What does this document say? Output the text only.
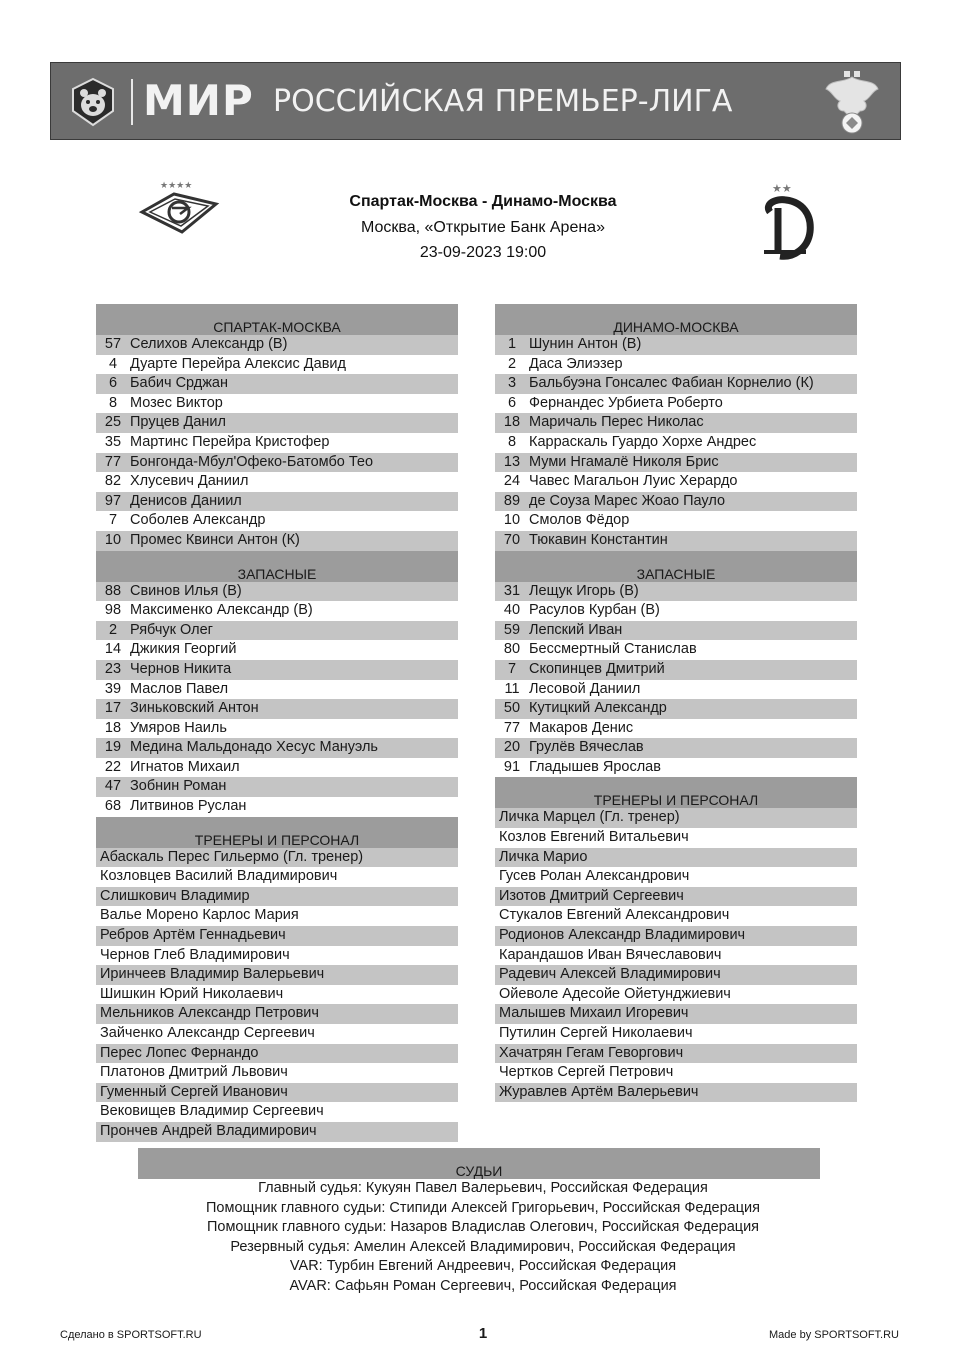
МИР РОССИЙСКАЯ ПРЕМЬЕР-ЛИГА
★★★★	★★
Спартак-Москва - Динамо-Москва
Москва, «Открытие Банк Арена»
23-09-2023 19:00
СПАРТАК-МОСКВА
57 Селихов Александр (В)
4 Дуарте Перейра Алексис Давид
6 Бабич Срджан
8 Мозес Виктор
25 Пруцев Данил
35 Мартинс Перейра Кристофер
77 Бонгонда-Мбул'Офеко-Батомбо Тео
82 Хлусевич Даниил
97 Денисов Даниил
7 Соболев Александр
10 Промес Квинси Антон (К)
ЗАПАСНЫЕ
88 Свинов Илья (В)
98 Максименко Александр (В)
2 Рябчук Олег
14 Джикия Георгий
23 Чернов Никита
39 Маслов Павел
17 Зиньковский Антон
18 Умяров Наиль
19 Медина Мальдонадо Хесус Мануэль
22 Игнатов Михаил
47 Зобнин Роман
68 Литвинов Руслан
ТРЕНЕРЫ И ПЕРСОНАЛ
Абаскаль Перес Гильермо (Гл. тренер)
Козловцев Василий Владимирович
Слишкович Владимир
Валье Морено Карлос Мария
Ребров Артём Геннадьевич
Чернов Глеб Владимирович
Иринчеев Владимир Валерьевич
Шишкин Юрий Николаевич
Мельников Александр Петрович
Зайченко Александр Сергеевич
Перес Лопес Фернандо
Платонов Дмитрий Львович
Гуменный Сергей Иванович
Вековищев Владимир Сергеевич
Прончев Андрей Владимирович
ДИНАМО-МОСКВА
1 Шунин Антон (В)
2 Даса Элиэзер
3 Бальбуэна Гонсалес Фабиан Корнелио (К)
6 Фернандес Урбиета Роберто
18 Маричаль Перес Николас
8 Карраскаль Гуардо Хорхе Андрес
13 Муми Нгамалё Николя Брис
24 Чавес Магальон Луис Херардо
89 де Соуза Марес Жоао Пауло
10 Смолов Фёдор
70 Тюкавин Константин
ЗАПАСНЫЕ
31 Лещук Игорь (В)
40 Расулов Курбан (В)
59 Лепский Иван
80 Бессмертный Станислав
7 Скопинцев Дмитрий
11 Лесовой Даниил
50 Кутицкий Александр
77 Макаров Денис
20 Грулёв Вячеслав
91 Гладышев Ярослав
ТРЕНЕРЫ И ПЕРСОНАЛ
Личка Марцел (Гл. тренер)
Козлов Евгений Витальевич
Личка Марио
Гусев Ролан Александрович
Изотов Дмитрий Сергеевич
Стукалов Евгений Александрович
Родионов Александр Владимирович
Карандашов Иван Вячеславович
Радевич Алексей Владимирович
Ойеволе Адесойе Ойетунджиевич
Малышев Михаил Игоревич
Путилин Сергей Николаевич
Хачатрян Гегам Геворгович
Чертков Сергей Петрович
Журавлев Артём Валерьевич
СУДЬИ
Главный судья: Кукуян Павел Валерьевич, Российская Федерация
Помощник главного судьи: Стипиди Алексей Григорьевич, Российская Федерация
Помощник главного судьи: Назаров Владислав Олегович, Российская Федерация
Резервный судья: Амелин Алексей Владимирович, Российская Федерация
VAR: Турбин Евгений Андреевич, Российская Федерация
AVAR: Сафьян Роман Сергеевич, Российская Федерация
Сделано в SPORTSOFT.RU	1	Made by SPORTSOFT.RU
